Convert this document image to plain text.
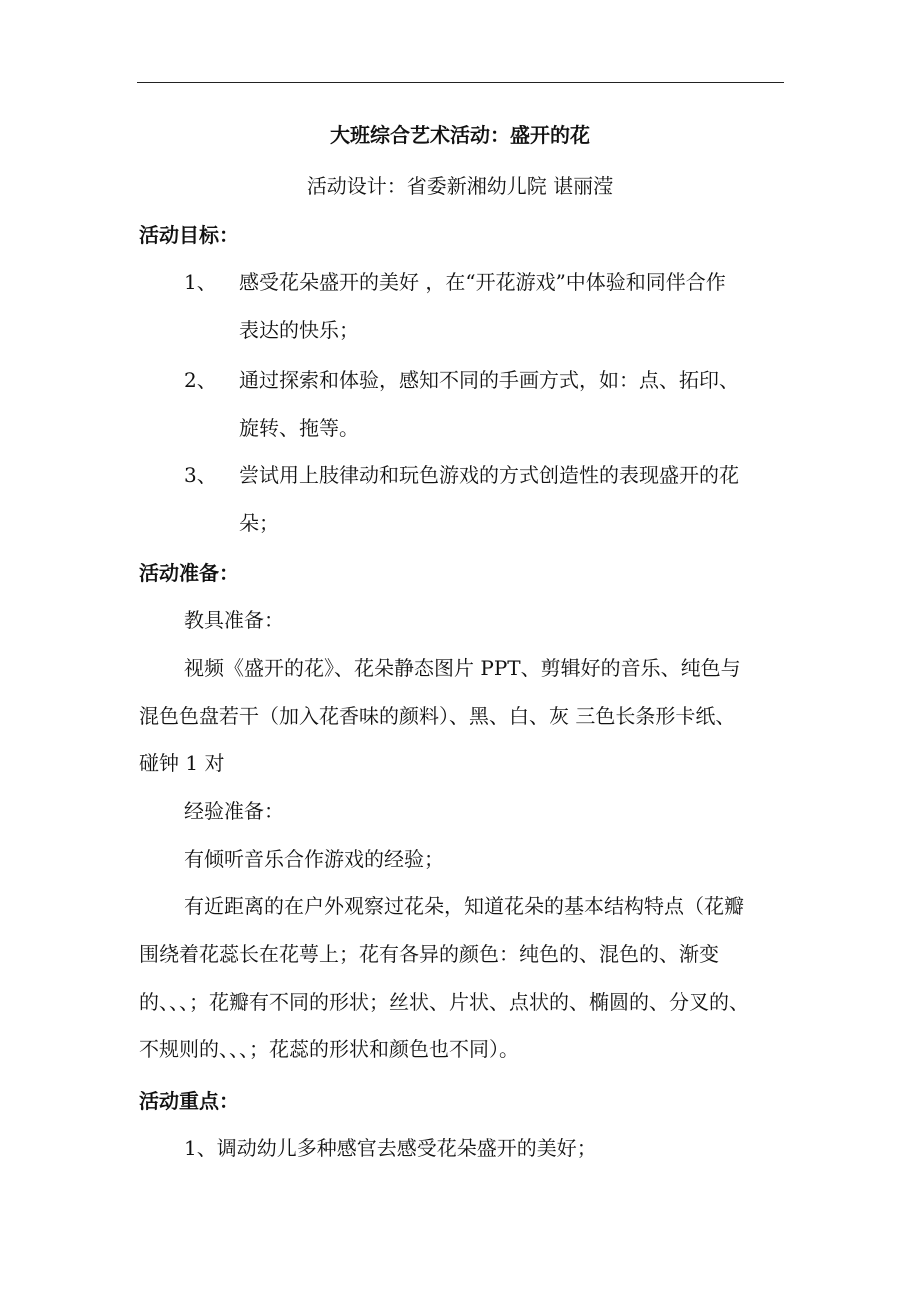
大班综合艺术活动：盛开的花
活动设计：省委新湘幼儿院 谌丽滢
活动目标：
1、 感受花朵盛开的美好 ，在“开花游戏”中体验和同伴合作
表达的快乐；
2、 通过探索和体验，感知不同的手画方式，如：点、拓印、
旋转、拖等。
3、 尝试用上肢律动和玩色游戏的方式创造性的表现盛开的花
朵；
活动准备：
教具准备：
视频《盛开的花》、花朵静态图片 PPT、剪辑好的音乐、纯色与
混色色盘若干（加入花香味的颜料）、黑、白、灰 三色长条形卡纸、
碰钟 1 对
经验准备：
有倾听音乐合作游戏的经验；
有近距离的在户外观察过花朵，知道花朵的基本结构特点（花瓣
围绕着花蕊长在花萼上；花有各异的颜色：纯色的、混色的、渐变
的、、、；花瓣有不同的形状；丝状、片状、点状的、椭圆的、分叉的、
不规则的、、、；花蕊的形状和颜色也不同）。
活动重点：
1、调动幼儿多种感官去感受花朵盛开的美好；
